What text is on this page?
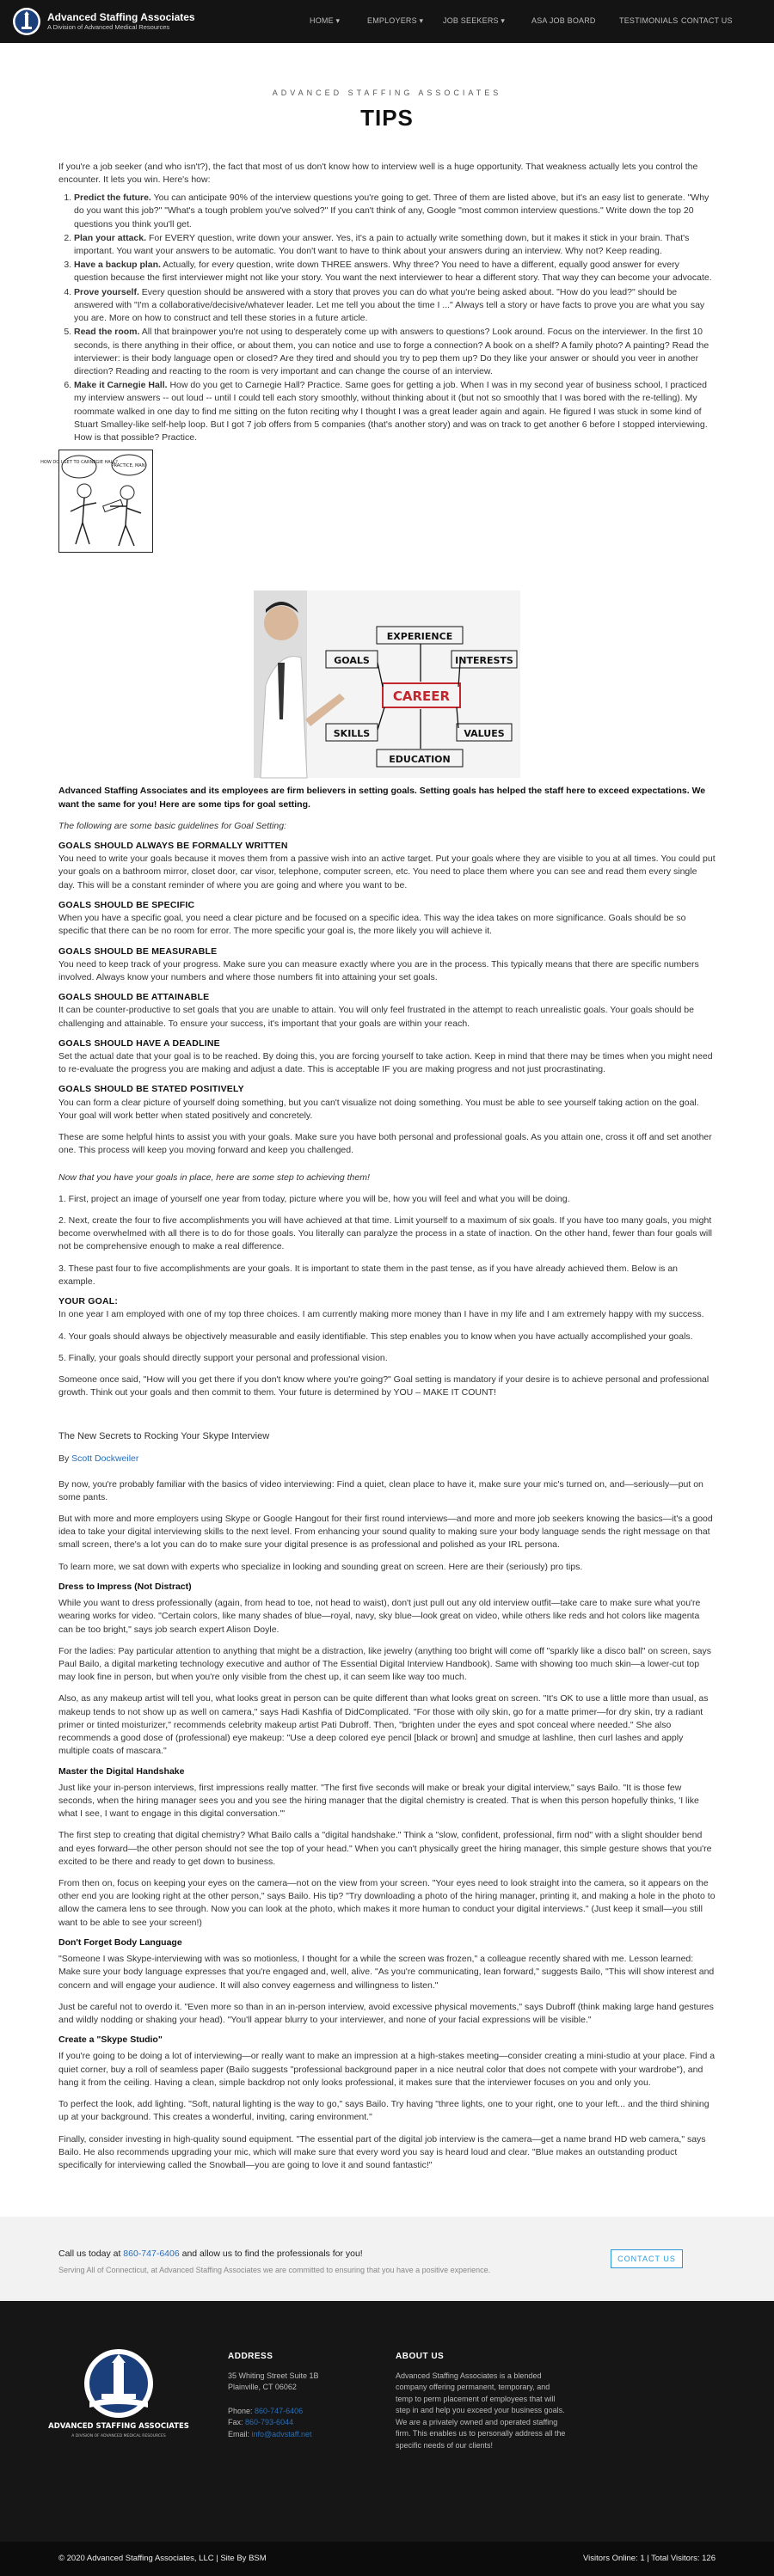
Advanced Staffing Associates
A Division of Advanced Medical Resources
HOME ▾	EMPLOYERS ▾	JOB SEEKERS ▾	ASA JOB BOARD	TESTIMONIALS CONTACT US
ADVANCED STAFFING ASSOCIATES
TIPS

If you're a job seeker (and who isn't?), the fact that most of us don't know how to interview well is a huge opportunity. That weakness actually lets you control the encounter. It lets you win. Here's how:

1. Predict the future. You can anticipate 90% of the interview questions you're going to get. Three of them are listed above, but it's an easy list to generate. "Why do you want this job?" "What's a tough problem you've solved?" If you can't think of any, Google "most common interview questions." Write down the top 20 questions you think you'll get.
2. Plan your attack. For EVERY question, write down your answer. Yes, it's a pain to actually write something down, but it makes it stick in your brain. That's important. You want your answers to be automatic. You don't want to have to think about your answers during an interview. Why not? Keep reading.
3. Have a backup plan. Actually, for every question, write down THREE answers. Why three? You need to have a different, equally good answer for every question because the first interviewer might not like your story. You want the next interviewer to hear a different story. That way they can become your advocate.
4. Prove yourself. Every question should be answered with a story that proves you can do what you're being asked about. "How do you lead?" should be answered with "I'm a collaborative/decisive/whatever leader. Let me tell you about the time I ..." Always tell a story or have facts to prove you are what you say you are. More on how to construct and tell these stories in a future article.
5. Read the room. All that brainpower you're not using to desperately come up with answers to questions? Look around. Focus on the interviewer. In the first 10 seconds, is there anything in their office, or about them, you can notice and use to forge a connection? A book on a shelf? A family photo? A painting? Read the interviewer: is their body language open or closed? Are they tired and should you try to pep them up? Do they like your answer or should you veer in another direction? Reading and reacting to the room is very important and can change the course of an interview.
6. Make it Carnegie Hall. How do you get to Carnegie Hall? Practice. Same goes for getting a job. When I was in my second year of business school, I practiced my interview answers -- out loud -- until I could tell each story smoothly, without thinking about it (but not so smoothly that I was bored with the re-telling). My roommate walked in one day to find me sitting on the futon reciting why I thought I was a great leader again and again. He figured I was stuck in some kind of Stuart Smalley-like self-help loop. But I got 7 job offers from 5 companies (that's another story) and was on track to get another 6 before I stopped interviewing. How is that possible? Practice.
HOW DO I GET TO CARNEGIE HALL?
PRACTICE, MAN!
CAREER
EXPERIENCE
GOALS	INTERESTS
SKILLS	VALUES
EDUCATION

Advanced Staffing Associates and its employees are firm believers in setting goals. Setting goals has helped the staff here to exceed expectations. We want the same for you! Here are some tips for goal setting.

The following are some basic guidelines for Goal Setting:

GOALS SHOULD ALWAYS BE FORMALLY WRITTEN

You need to write your goals because it moves them from a passive wish into an active target. Put your goals where they are visible to you at all times. You could put your goals on a bathroom mirror, closet door, car visor, telephone, computer screen, etc. You need to place them where you can see and read them every single day. This will be a constant reminder of where you are going and where you want to be.

GOALS SHOULD BE SPECIFIC

When you have a specific goal, you need a clear picture and be focused on a specific idea. This way the idea takes on more significance. Goals should be so specific that there can be no room for error. The more specific your goal is, the more likely you will achieve it.

GOALS SHOULD BE MEASURABLE

You need to keep track of your progress. Make sure you can measure exactly where you are in the process. This typically means that there are specific numbers involved. Always know your numbers and where those numbers fit into attaining your set goals.

GOALS SHOULD BE ATTAINABLE

It can be counter-productive to set goals that you are unable to attain. You will only feel frustrated in the attempt to reach unrealistic goals. Your goals should be challenging and attainable. To ensure your success, it's important that your goals are within your reach.

GOALS SHOULD HAVE A DEADLINE

Set the actual date that your goal is to be reached. By doing this, you are forcing yourself to take action. Keep in mind that there may be times when you might need to re-evaluate the progress you are making and adjust a date. This is acceptable IF you are making progress and not just procrastinating.

GOALS SHOULD BE STATED POSITIVELY

You can form a clear picture of yourself doing something, but you can't visualize not doing something. You must be able to see yourself taking action on the goal. Your goal will work better when stated positively and concretely.

These are some helpful hints to assist you with your goals. Make sure you have both personal and professional goals. As you attain one, cross it off and set another one. This process will keep you moving forward and keep you challenged.

Now that you have your goals in place, here are some step to achieving them!

1. First, project an image of yourself one year from today, picture where you will be, how you will feel and what you will be doing.

2. Next, create the four to five accomplishments you will have achieved at that time. Limit yourself to a maximum of six goals. If you have too many goals, you might become overwhelmed with all there is to do for those goals. You literally can paralyze the process in a state of inaction. On the other hand, fewer than four goals will not be comprehensive enough to make a real difference.

3. These past four to five accomplishments are your goals. It is important to state them in the past tense, as if you have already achieved them. Below is an example.

YOUR GOAL:

In one year I am employed with one of my top three choices. I am currently making more money than I have in my life and I am extremely happy with my success.

4. Your goals should always be objectively measurable and easily identifiable. This step enables you to know when you have actually accomplished your goals.

5. Finally, your goals should directly support your personal and professional vision.

Someone once said, "How will you get there if you don't know where you're going?" Goal setting is mandatory if your desire is to achieve personal and professional growth. Think out your goals and then commit to them. Your future is determined by YOU – MAKE IT COUNT!

The New Secrets to Rocking Your Skype Interview

By Scott Dockweiler

By now, you're probably familiar with the basics of video interviewing: Find a quiet, clean place to have it, make sure your mic's turned on, and—seriously—put on some pants.

But with more and more employers using Skype or Google Hangout for their first round interviews—and more and more job seekers knowing the basics—it's a good idea to take your digital interviewing skills to the next level. From enhancing your sound quality to making sure your body language sends the right message on that small screen, there's a lot you can do to make sure your digital presence is as professional and polished as your IRL persona.

To learn more, we sat down with experts who specialize in looking and sounding great on screen. Here are their (seriously) pro tips.

Dress to Impress (Not Distract)

While you want to dress professionally (again, from head to toe, not head to waist), don't just pull out any old interview outfit—take care to make sure what you're wearing works for video. "Certain colors, like many shades of blue—royal, navy, sky blue—look great on video, while others like reds and hot colors like magenta can be too bright," says job search expert Alison Doyle.

For the ladies: Pay particular attention to anything that might be a distraction, like jewelry (anything too bright will come off "sparkly like a disco ball" on screen, says Paul Bailo, a digital marketing technology executive and author of The Essential Digital Interview Handbook). Same with showing too much skin—a lower-cut top may look fine in person, but when you're only visible from the chest up, it can seem like way too much.

Also, as any makeup artist will tell you, what looks great in person can be quite different than what looks great on screen. "It's OK to use a little more than usual, as makeup tends to not show up as well on camera," says Hadi Kashfia of DidComplicated. "For those with oily skin, go for a matte primer—for dry skin, try a radiant primer or tinted moisturizer," recommends celebrity makeup artist Pati Dubroff. Then, "brighten under the eyes and spot conceal where needed." She also recommends a good dose of (professional) eye makeup: "Use a deep colored eye pencil [black or brown] and smudge at lashline, then curl lashes and apply multiple coats of mascara."

Master the Digital Handshake

Just like your in-person interviews, first impressions really matter. "The first five seconds will make or break your digital interview," says Bailo. "It is those few seconds, when the hiring manager sees you and you see the hiring manager that the digital chemistry is created. That is when this person hopefully thinks, 'I like what I see, I want to engage in this digital conversation.'"

The first step to creating that digital chemistry? What Bailo calls a "digital handshake." Think a "slow, confident, professional, firm nod" with a slight shoulder bend and eyes forward—the other person should not see the top of your head." When you can't physically greet the hiring manager, this simple gesture shows that you're excited to be there and ready to get down to business.

From then on, focus on keeping your eyes on the camera—not on the view from your screen. "Your eyes need to look straight into the camera, so it appears on the other end you are looking right at the other person," says Bailo. His tip? "Try downloading a photo of the hiring manager, printing it, and making a hole in the photo to allow the camera lens to see through. Now you can look at the photo, which makes it more human to conduct your digital interviews." (Just keep it small—you still want to be able to see your screen!)

Don't Forget Body Language

"Someone I was Skype-interviewing with was so motionless, I thought for a while the screen was frozen," a colleague recently shared with me. Lesson learned: Make sure your body language expresses that you're engaged and, well, alive. "As you're communicating, lean forward," suggests Bailo, "This will show interest and concern and will engage your audience. It will also convey eagerness and willingness to listen."

Just be careful not to overdo it. "Even more so than in an in-person interview, avoid excessive physical movements," says Dubroff (think making large hand gestures and wildly nodding or shaking your head). "You'll appear blurry to your interviewer, and none of your facial expressions will be visible."

Create a "Skype Studio"

If you're going to be doing a lot of interviewing—or really want to make an impression at a high-stakes meeting—consider creating a mini-studio at your place. Find a quiet corner, buy a roll of seamless paper (Bailo suggests "professional background paper in a nice neutral color that does not compete with your wardrobe"), and hang it from the ceiling. Having a clean, simple backdrop not only looks professional, it makes sure that the interviewer focuses on you and only you.

To perfect the look, add lighting. "Soft, natural lighting is the way to go," says Bailo. Try having "three lights, one to your right, one to your left... and the third shining up at your background. This creates a wonderful, inviting, caring environment."

Finally, consider investing in high-quality sound equipment. "The essential part of the digital job interview is the camera—get a name brand HD web camera," says Bailo. He also recommends upgrading your mic, which will make sure that every word you say is heard loud and clear. "Blue makes an outstanding product specifically for interviewing called the Snowball—you are going to love it and sound fantastic!"

Call us today at 860-747-6406 and allow us to find the professionals for you!
Serving All of Connecticut, at Advanced Staffing Associates we are committed to ensuring that you have a positive experience.
CONTACT US
ADVANCED STAFFING ASSOCIATES
A DIVISION OF ADVANCED MEDICAL RESOURCES
ADDRESS
35 Whiting Street Suite 1B
Plainville, CT 06062
Phone: 860-747-6406
Fax: 860-793-6044
Email: info@advstaff.net
ABOUT US
Advanced Staffing Associates is a blended company offering permanent, temporary, and temp to perm placement of employees that will step in and help you exceed your business goals. We are a privately owned and operated staffing firm. This enables us to personally address all the specific needs of our clients!
© 2020 Advanced Staffing Associates, LLC | Site By BSM	Visitors Online: 1 | Total Visitors: 126
